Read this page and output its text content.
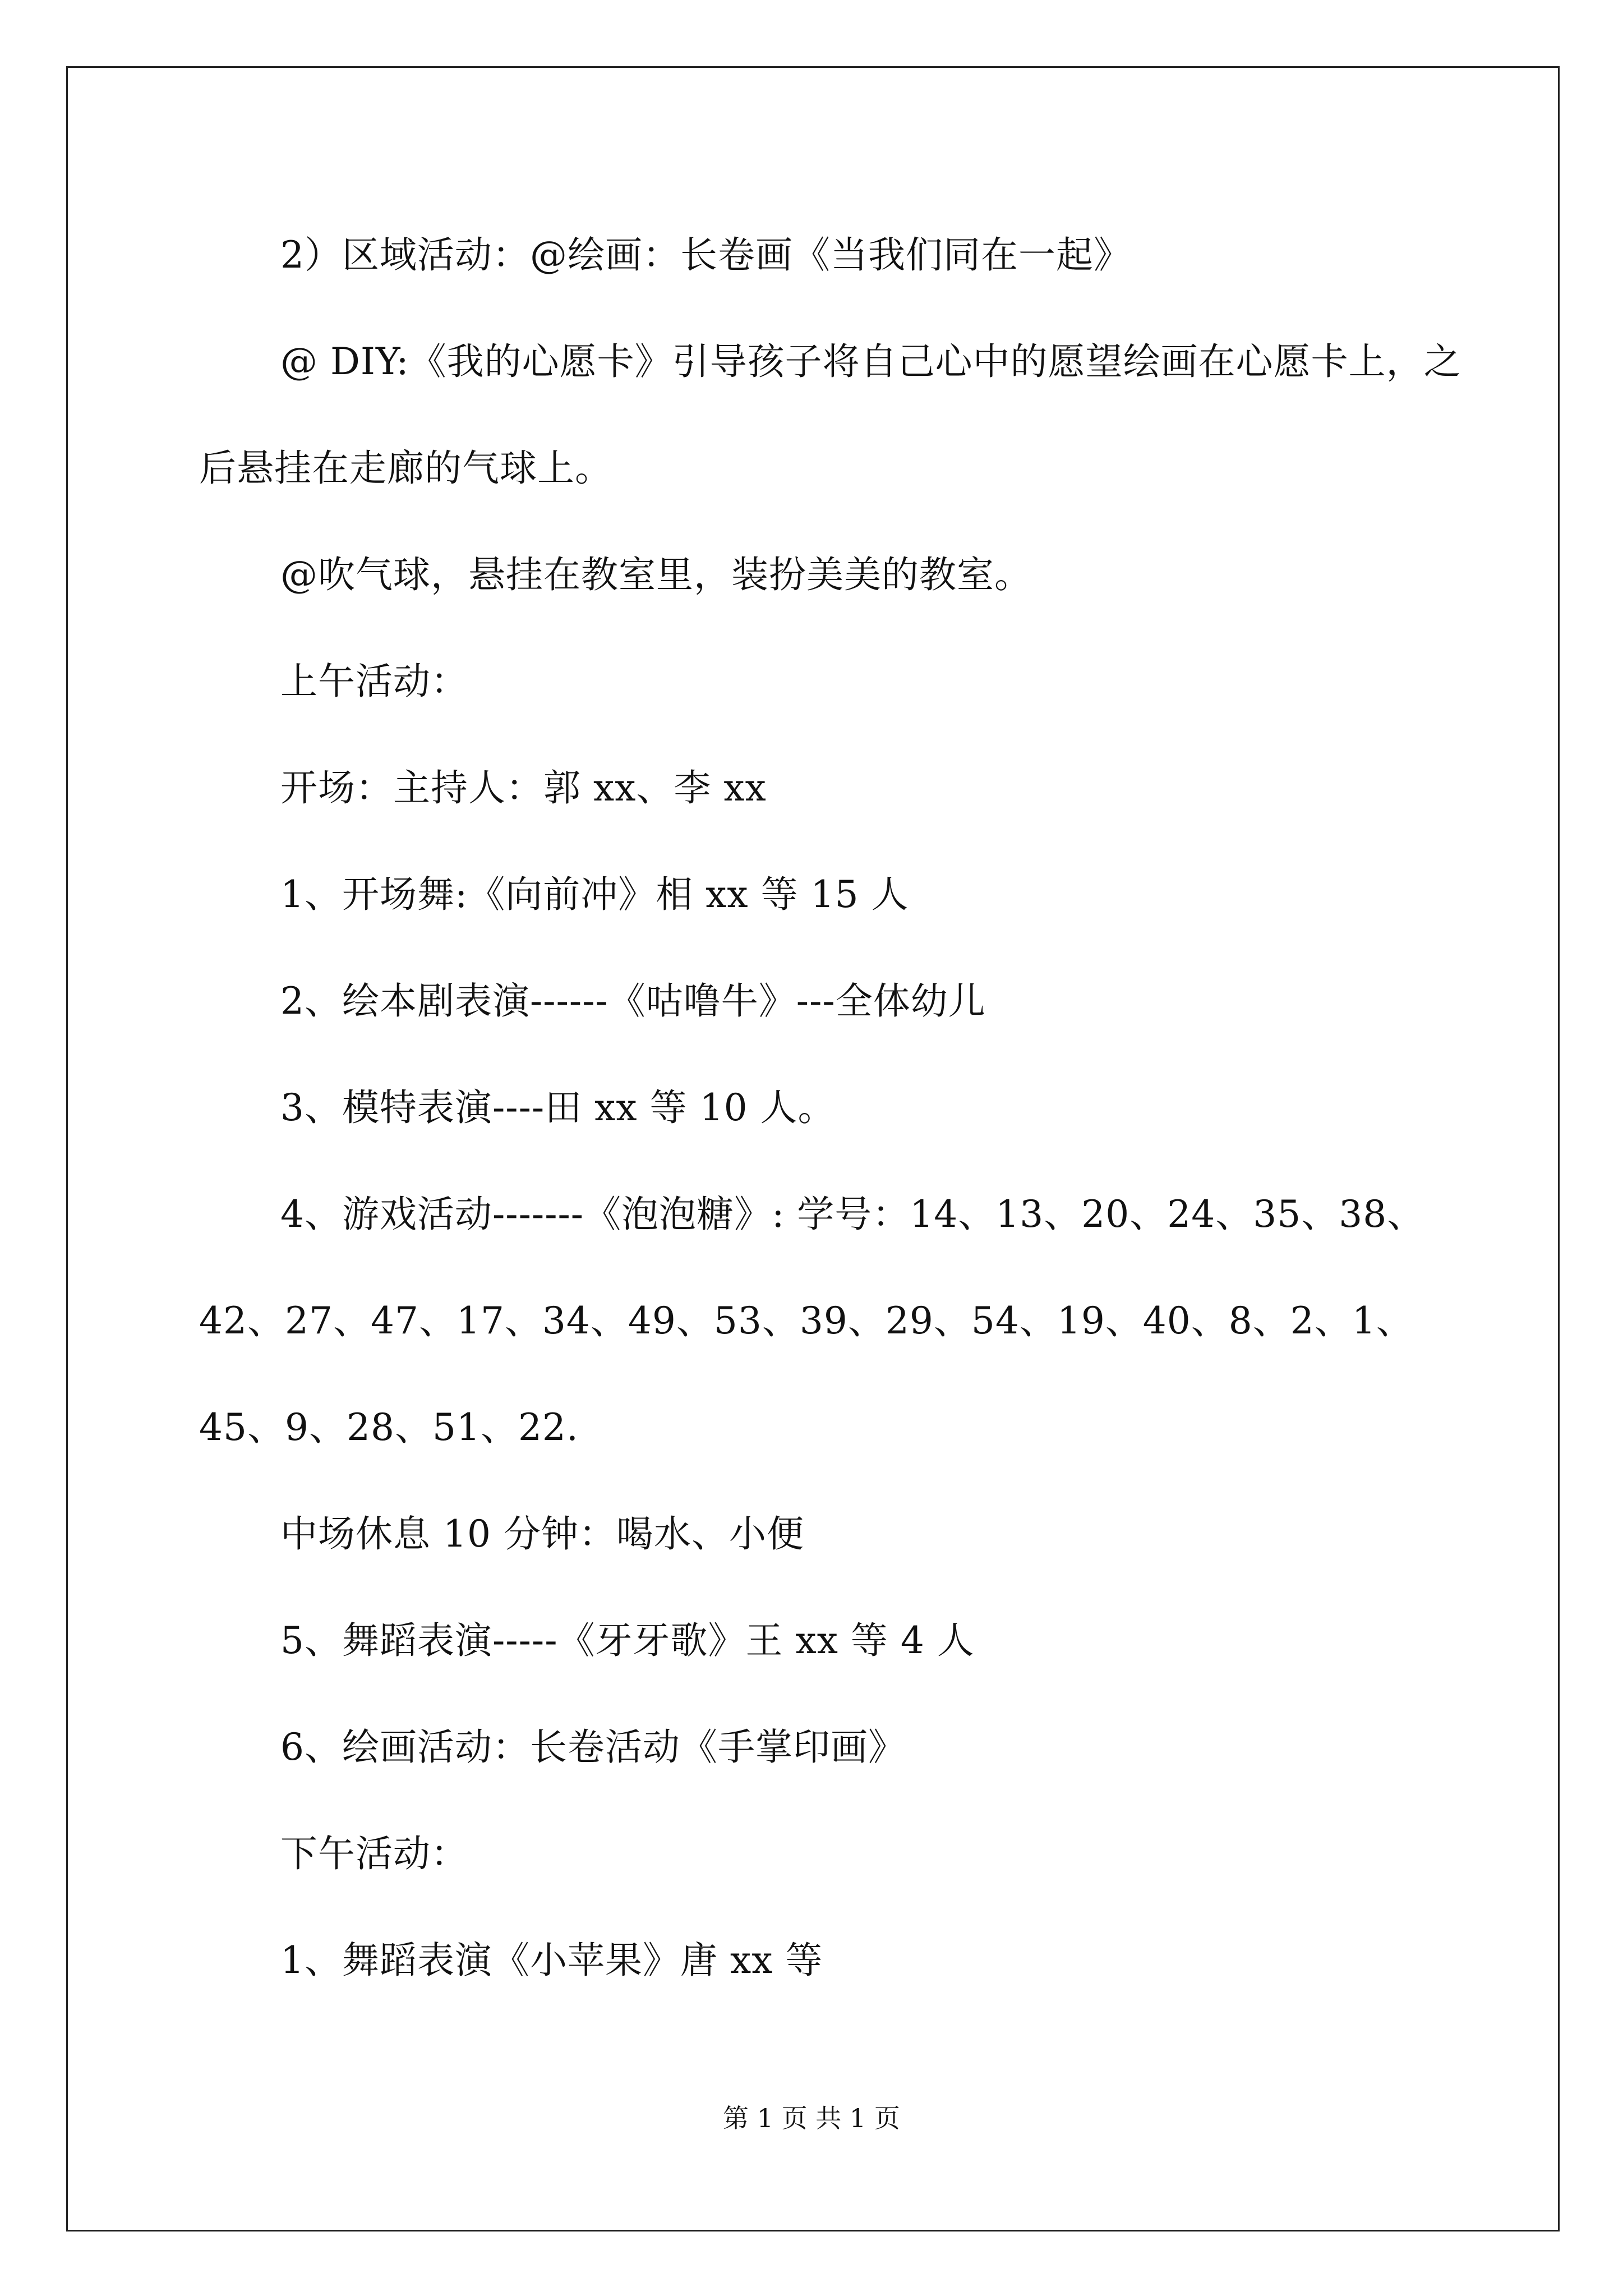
2）区域活动：@绘画：长卷画《当我们同在一起》

@ DIY:《我的心愿卡》引导孩子将自己心中的愿望绘画在心愿卡上，之后悬挂在走廊的气球上。

@吹气球，悬挂在教室里，装扮美美的教室。

上午活动：

开场：主持人：郭 xx、李 xx

1、开场舞:《向前冲》相 xx 等 15 人

2、绘本剧表演------《咕噜牛》---全体幼儿

3、模特表演----田 xx 等 10 人。

4、游戏活动-------《泡泡糖》: 学号：14、13、20、24、35、38、42、27、47、17、34、49、53、39、29、54、19、40、8、2、1、45、9、28、51、22.

中场休息 10 分钟：喝水、小便

5、舞蹈表演-----《牙牙歌》王 xx 等 4 人

6、绘画活动：长卷活动《手掌印画》

下午活动：

1、舞蹈表演《小苹果》唐 xx 等

第 1 页 共 1 页
